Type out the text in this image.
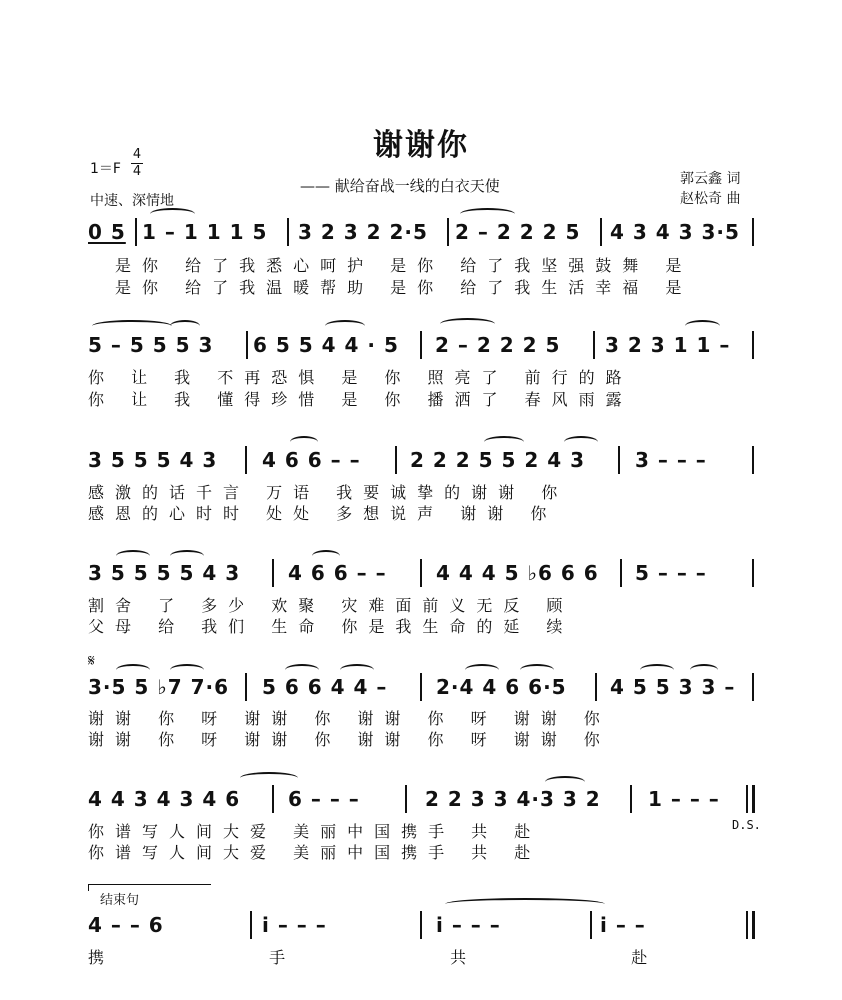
谢谢你
—— 献给奋战一线的白衣天使
1＝F
4
4
中速、深情地
郭云鑫 词
赵松奇 曲
0 5 1 – 1 1 1 5 3 2 3 2 2·5 2 – 2 2 2 5 4 3 4 3 3·5
是你 给了我悉心呵护 是你 给了我坚强鼓舞 是
是你 给了我温暖帮助 是你 给了我生活幸福 是
5 – 5 5 5 3 6 5 5 4 4 · 5 2 – 2 2 2 5 3 2 3 1 1 –
你 让 我 不再恐惧 是 你 照亮了 前行的路
你 让 我 懂得珍惜 是 你 播洒了 春风雨露
3 5 5 5 4 3 4 6 6 – – 2 2 2 5 5 2 4 3 3 – – –
感激的话千言 万语 我要诚挚的谢谢 你
感恩的心时时 处处 多想说声 谢谢 你
3 5 5 5 5 4 3 4 6 6 – – 4 4 4 5 ♭6 6 6 5 – – –
割舍 了 多少 欢聚 灾难面前义无反 顾
父母 给 我们 生命 你是我生命的延 续
𝄋
3·5 5 ♭7 7·6 5 6 6 4 4 – 2·4 4 6 6·5 4 5 5 3 3 –
谢谢 你 呀 谢谢 你 谢谢 你 呀 谢谢 你
谢谢 你 呀 谢谢 你 谢谢 你 呀 谢谢 你
4 4 3 4 3 4 6 6 – – –	2 2 3 3 4·3 3 2 1 – – –
D.S.
你谱写人间大爱 美丽中国携手 共 赴
你谱写人间大爱 美丽中国携手 共 赴
结束句
4 – – 6	i – – –	i – – –	i – –
携 手 共 赴
